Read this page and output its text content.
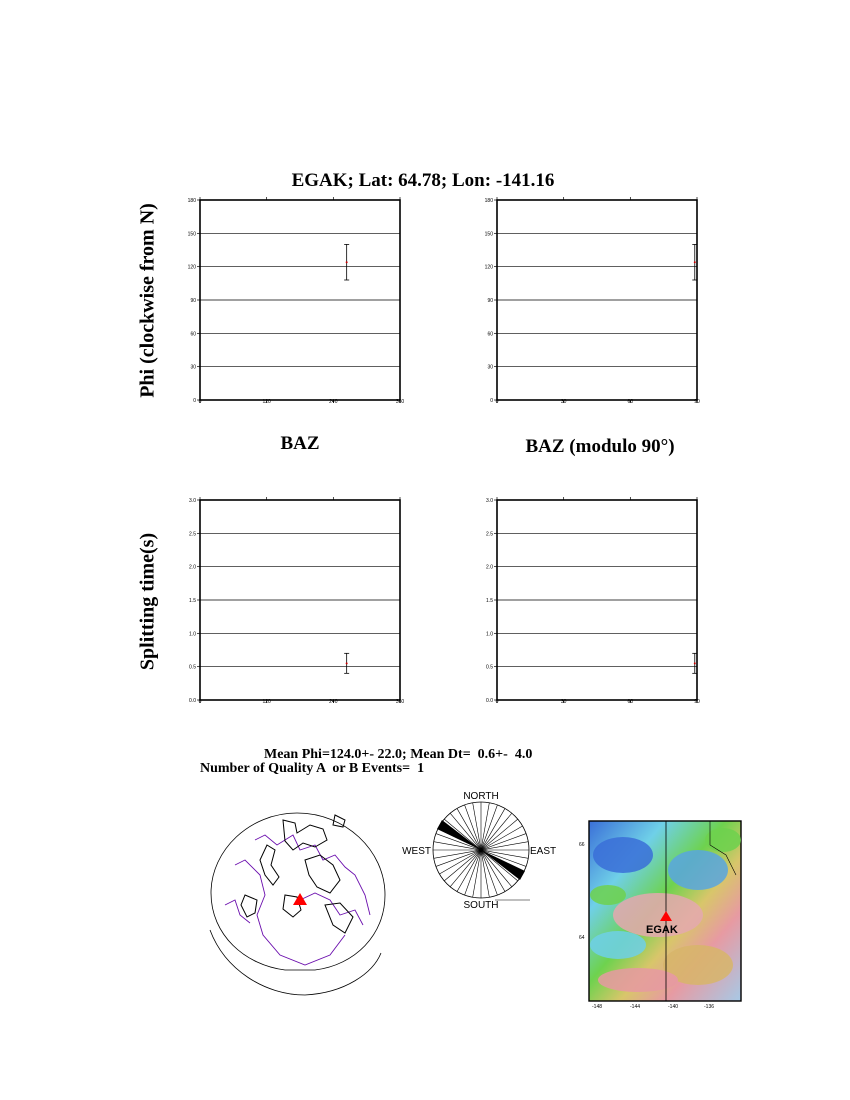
EGAK; Lat: 64.78; Lon: -141.16
0
30
60
90
120
150
180
0	120	240	360	0
30
60
90
120
150
180
0	30	60	90
0.0
0.5
1.0
1.5
2.0
2.5
3.0
0	120	240	360	0.0
0.5
1.0
1.5
2.0
2.5
3.0
0	30	60	90
Phi (clockwise from N)
Splitting time(s)
BAZ	BAZ (modulo 90°)
Mean Phi=124.0+- 22.0; Mean Dt=  0.6+-  4.0
Number of Quality A  or B Events=  1
NORTH
SOUTH
EAST
WEST
EGAK
66
64
-148	-144	-140	-136
